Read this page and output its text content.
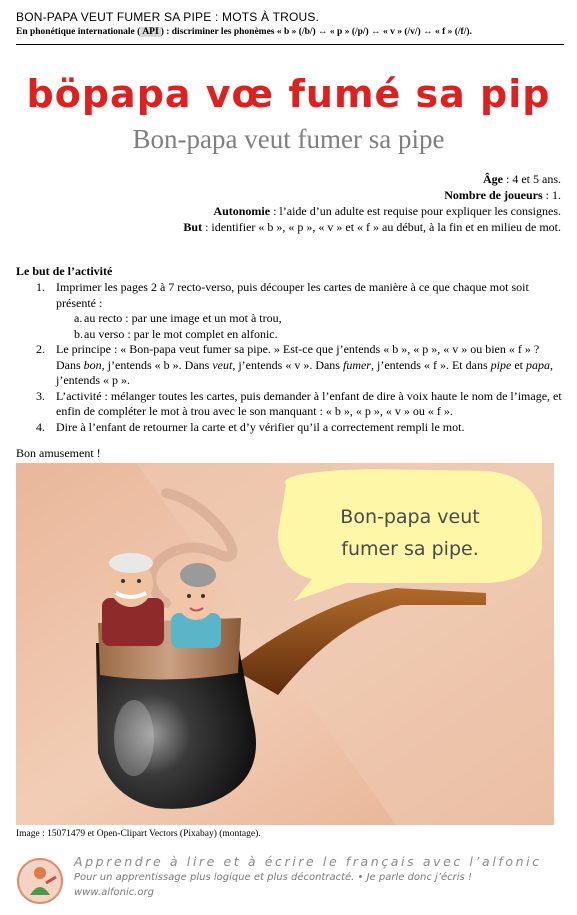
BON-PAPA VEUT FUMER SA PIPE : MOTS À TROUS.
En phonétique internationale ( API ) : discriminer les phonèmes « b » (/b/) ↔ « p » (/p/) ↔ « v » (/v/) ↔ « f » (/f/).
böpapa vœ fumé sa pip
Bon-papa veut fumer sa pipe
Âge : 4 et 5 ans.
Nombre de joueurs : 1.
Autonomie : l’aide d’un adulte est requise pour expliquer les consignes.
But : identifier « b », « p », « v » et « f » au début, à la fin et en milieu de mot.
Le but de l’activité
1. Imprimer les pages 2 à 7 recto-verso, puis découper les cartes de manière à ce que chaque mot soit présenté :
a. au recto : par une image et un mot à trou,
b. au verso : par le mot complet en alfonic.
2. Le principe : « Bon-papa veut fumer sa pipe. » Est-ce que j’entends « b », « p », « v » ou bien « f » ? Dans bon, j’entends « b ». Dans veut, j’entends « v ». Dans fumer, j’entends « f ». Et dans pipe et papa, j’entends « p ».
3. L’activité : mélanger toutes les cartes, puis demander à l’enfant de dire à voix haute le nom de l’image, et enfin de compléter le mot à trou avec le son manquant : « b », « p », « v » ou « f ».
4. Dire à l’enfant de retourner la carte et d’y vérifier qu’il a correctement rempli le mot.
Bon amusement !
Bon-papa veut
fumer sa pipe.
Image : 15071479 et Open-Clipart Vectors (Pixabay) (montage).
Apprendre à lire et à écrire le français avec l’alfonic
Pour un apprentissage plus logique et plus décontracté. • Je parle donc j’écris !
www.alfonic.org
